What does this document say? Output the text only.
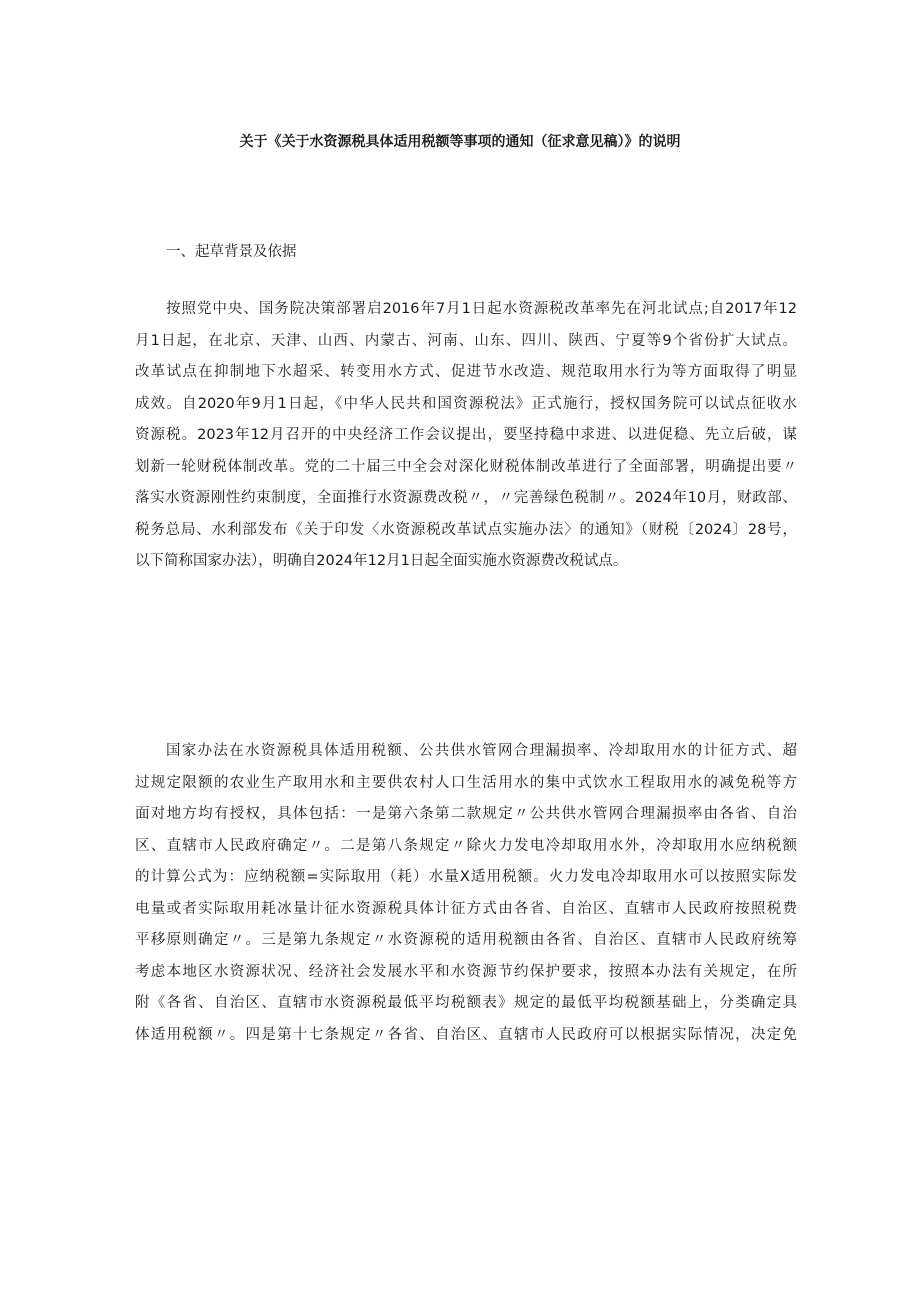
关于《关于水资源税具体适用税额等事项的通知（征求意见稿）》的说明

一、起草背景及依据

按照党中央、国务院决策部署启2016年7月1日起水资源税改革率先在河北试点;自2017年12
月1日起，在北京、天津、山西、内蒙古、河南、山东、四川、陕西、宁夏等9个省份扩大试点。
改革试点在抑制地下水超采、转变用水方式、促进节水改造、规范取用水行为等方面取得了明显
成效。自2020年9月1日起，《中华人民共和国资源税法》正式施行，授权国务院可以试点征收水
资源税。2023年12月召开的中央经济工作会议提出，要坚持稳中求进、以进促稳、先立后破，谋
划新一轮财税体制改革。党的二十届三中全会对深化财税体制改革进行了全面部署，明确提出要〃
落实水资源刚性约束制度，全面推行水资源费改税〃，〃完善绿色税制〃。2024年10月，财政部、
税务总局、水利部发布《关于印发〈水资源税改革试点实施办法〉的通知》（财税〔2024〕28号，
以下简称国家办法），明确自2024年12月1日起全面实施水资源费改税试点。
国家办法在水资源税具体适用税额、公共供水管网合理漏损率、冷却取用水的计征方式、超
过规定限额的农业生产取用水和主要供农村人口生活用水的集中式饮水工程取用水的减免税等方
面对地方均有授权，具体包括：一是第六条第二款规定〃公共供水管网合理漏损率由各省、自治
区、直辖市人民政府确定〃。二是第八条规定〃除火力发电冷却取用水外，冷却取用水应纳税额
的计算公式为：应纳税额=实际取用（耗）水量X适用税额。火力发电冷却取用水可以按照实际发
电量或者实际取用耗冰量计征水资源税具体计征方式由各省、自治区、直辖市人民政府按照税费
平移原则确定〃。三是第九条规定〃水资源税的适用税额由各省、自治区、直辖市人民政府统筹
考虑本地区水资源状况、经济社会发展水平和水资源节约保护要求，按照本办法有关规定，在所
附《各省、自治区、直辖市水资源税最低平均税额表》规定的最低平均税额基础上，分类确定具
体适用税额〃。四是第十七条规定〃各省、自治区、直辖市人民政府可以根据实际情况，决定免
